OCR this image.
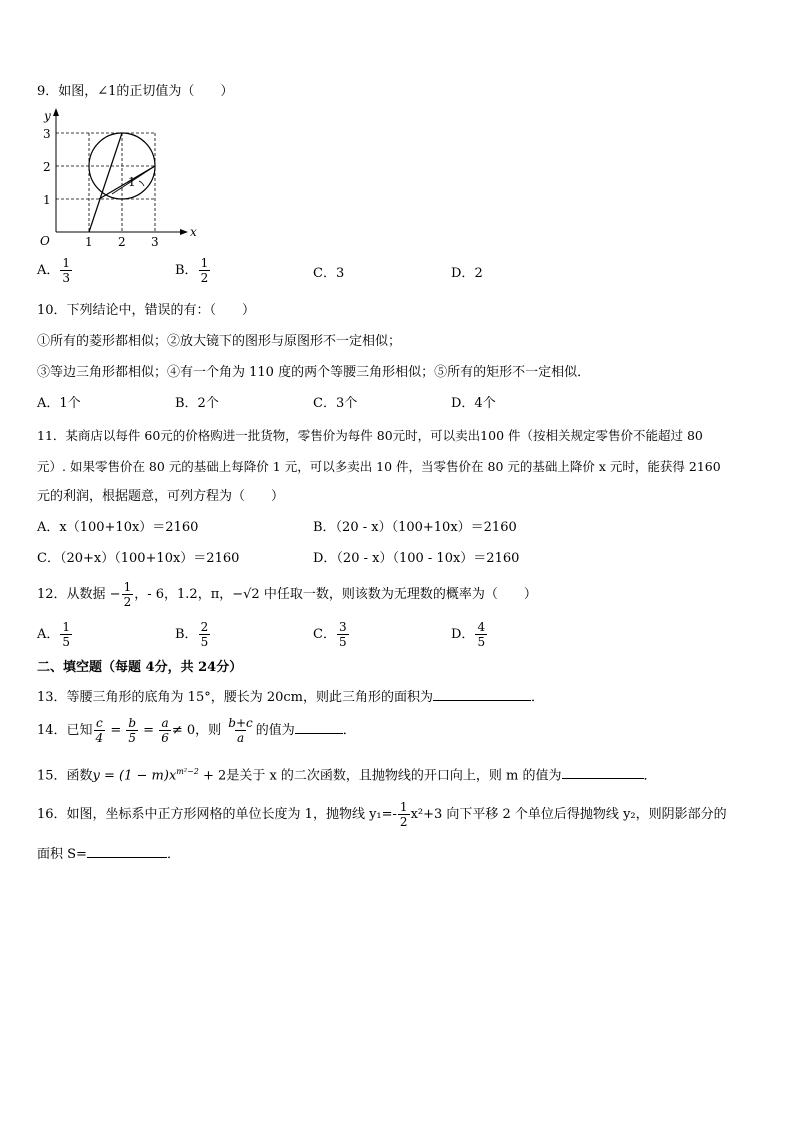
9．如图，∠1的正切值为（　　）
y
x
O	1 2 3
1
2
3
1
A． $\frac{1}{3}$	B． $\frac{1}{2}$	C．3	D．2
10．下列结论中，错误的有：（　　）
①所有的菱形都相似；②放大镜下的图形与原图形不一定相似；
③等边三角形都相似；④有一个角为 110 度的两个等腰三角形相似；⑤所有的矩形不一定相似．
A．1个	B．2个	C．3个	D．4个
11．某商店以每件 60元的价格购进一批货物，零售价为每件 80元时，可以卖出100 件（按相关规定零售价不能超过 80
元）. 如果零售价在 80 元的基础上每降价 1 元，可以多卖出 10 件，当零售价在 80 元的基础上降价 x 元时，能获得 2160
元的利润，根据题意，可列方程为（　　）
A．x（100+10x）＝2160	B．（20 - x）（100+10x）＝2160
C．（20+x）（100+10x）＝2160	D．（20 - x）（100 - 10x）＝2160
12．从数据 − $\frac{1}{2}$ ，- 6，1.2，π，−√2 中任取一数，则该数为无理数的概率为（　　）
A． $\frac{1}{5}$	B． $\frac{2}{5}$	C． $\frac{3}{5}$	D． $\frac{4}{5}$
二、填空题（每题 4分，共 24分）
13．等腰三角形的底角为 15°，腰长为 20cm，则此三角形的面积为	．
14．已知 $\frac{c}{4} = \frac{b}{5} = \frac{a}{6} \ne 0$，则 $\frac{b+c}{a}$ 的值为	．
15．函数$y = (1 - m)x^{m^2-2} + 2$是关于 x 的二次函数，且抛物线的开口向上，则 m 的值为	．
16．如图，坐标系中正方形网格的单位长度为 1，抛物线 $y_1=- \frac{1}{2} x^2+3$ 向下平移 2 个单位后得抛物线 y₂，则阴影部分的
面积 S=	．
